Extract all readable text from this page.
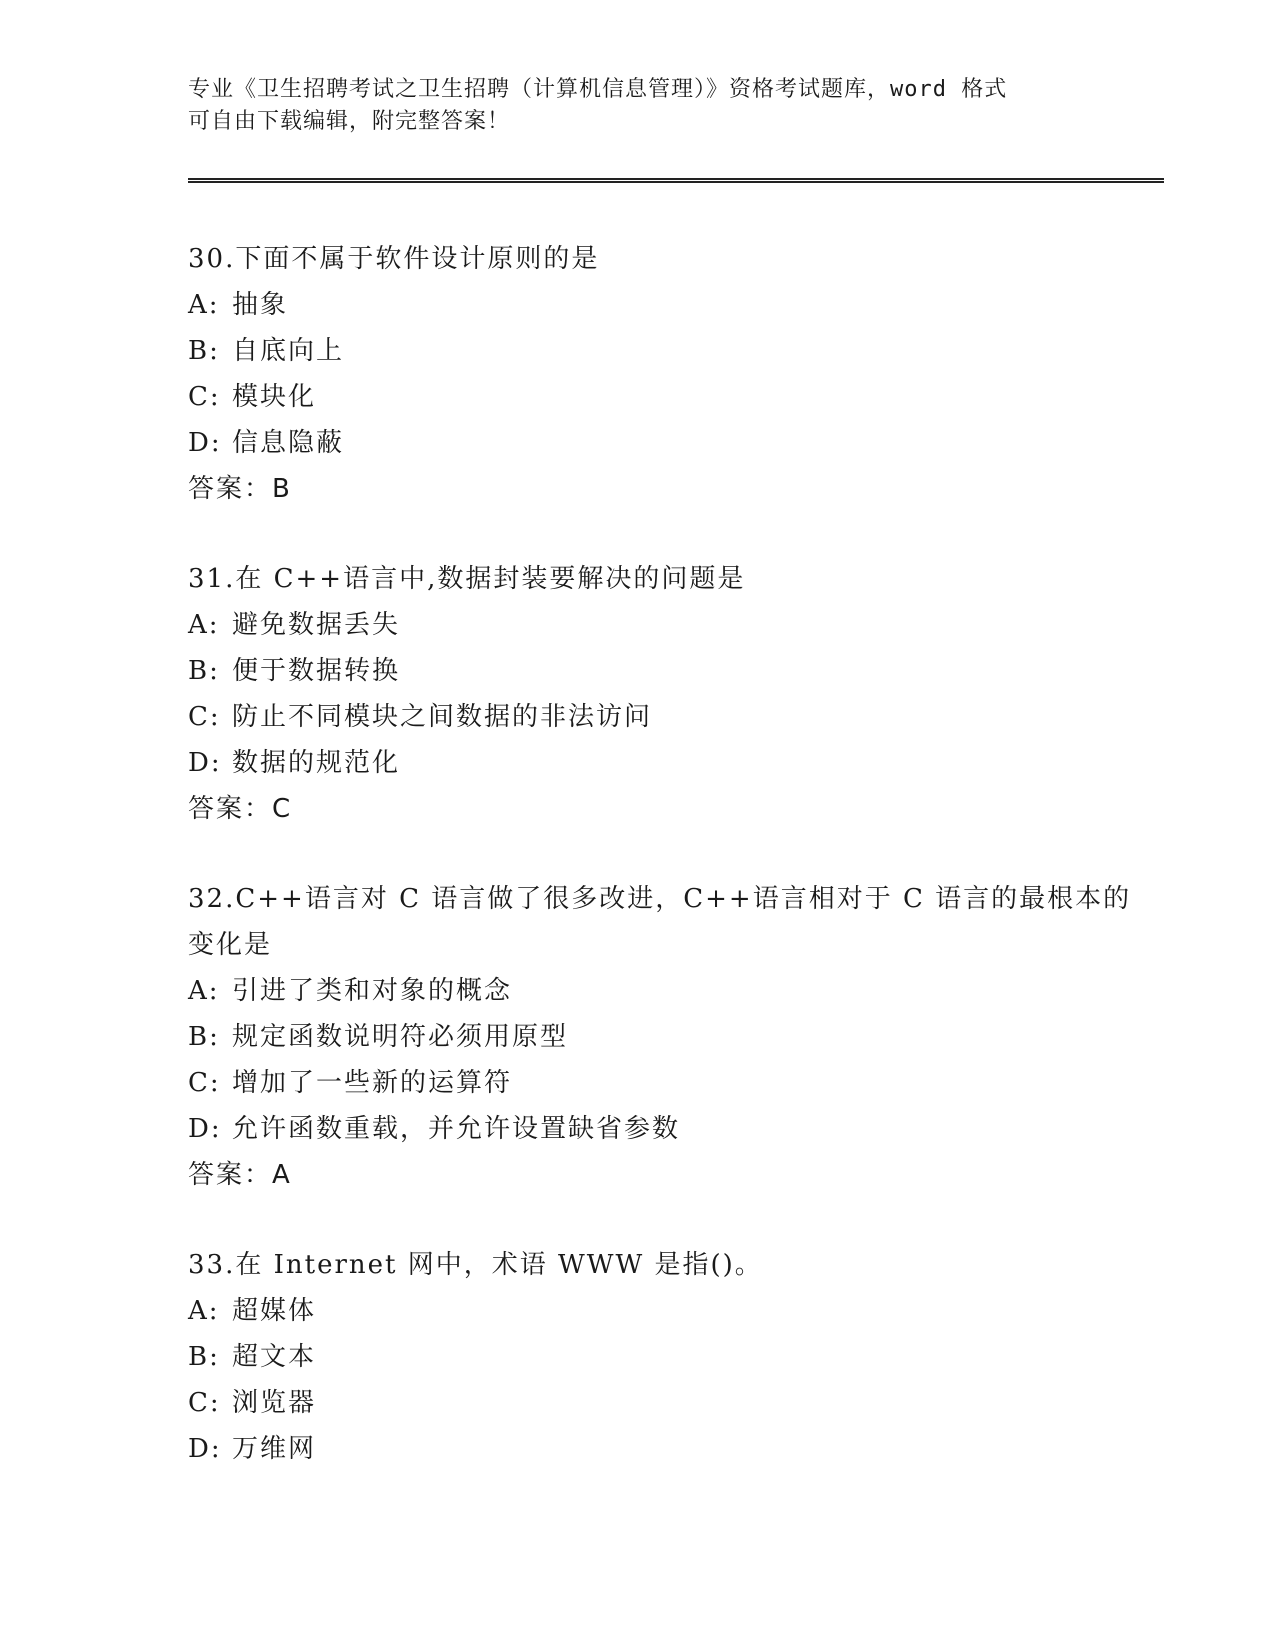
专业《卫生招聘考试之卫生招聘（计算机信息管理）》资格考试题库，word 格式
可自由下载编辑，附完整答案！
30.下面不属于软件设计原则的是
A: 抽象
B: 自底向上
C: 模块化
D: 信息隐蔽
答案：B
31.在 C++语言中,数据封装要解决的问题是
A: 避免数据丢失
B: 便于数据转换
C: 防止不同模块之间数据的非法访问
D: 数据的规范化
答案：C
32.C++语言对 C 语言做了很多改进，C++语言相对于 C 语言的最根本的
变化是
A: 引进了类和对象的概念
B: 规定函数说明符必须用原型
C: 增加了一些新的运算符
D: 允许函数重载，并允许设置缺省参数
答案：A
33.在 Internet 网中，术语 WWW 是指()。
A: 超媒体
B: 超文本
C: 浏览器
D: 万维网
